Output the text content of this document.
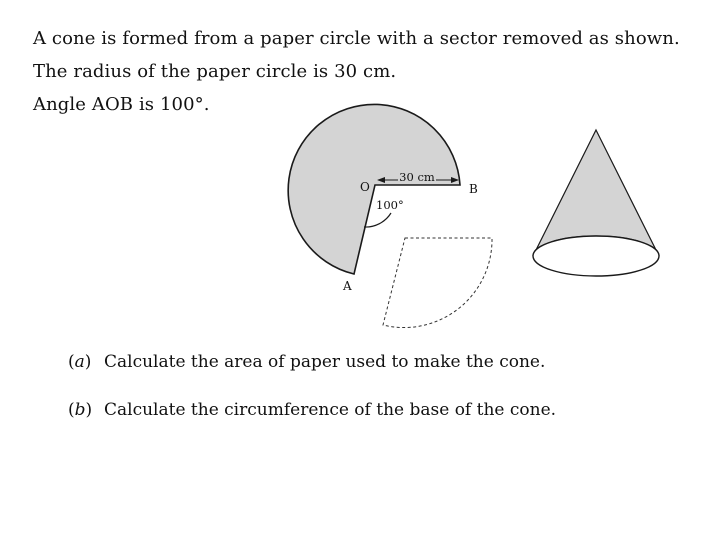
A cone is formed from a paper circle with a sector removed as shown.
The radius of the paper circle is 30 cm.
Angle AOB is 100°.
30 cm
100°
O	B
A
(a) Calculate the area of paper used to make the cone.
(b) Calculate the circumference of the base of the cone.
